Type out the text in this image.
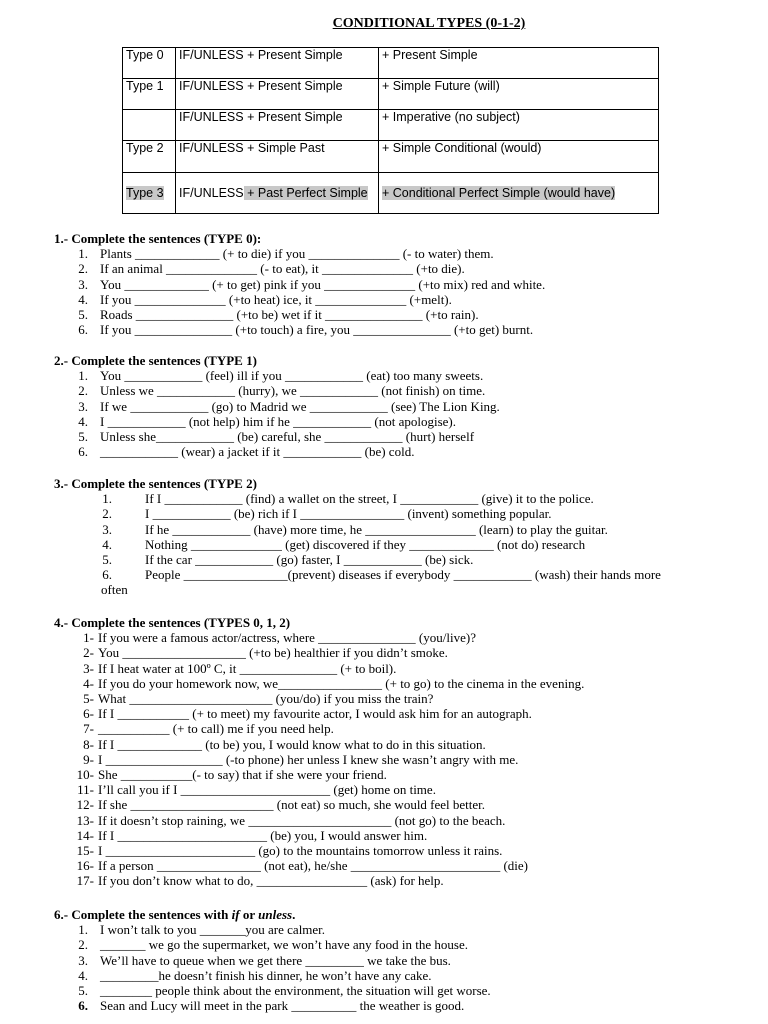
CONDITIONAL TYPES (0-1-2)
Type 0	IF/UNLESS + Present Simple	+ Present Simple
Type 1	IF/UNLESS + Present Simple	+ Simple Future (will)
	IF/UNLESS + Present Simple	+ Imperative (no subject)
Type 2	IF/UNLESS + Simple Past	+ Simple Conditional (would)
Type 3	IF/UNLESS + Past Perfect Simple	+ Conditional Perfect Simple (would have)
1.- Complete the sentences (TYPE 0):
1. Plants _____________ (+ to die) if you ______________ (- to water) them.
2. If an animal ______________ (- to eat), it ______________ (+to die).
3. You _____________ (+ to get) pink if you ______________ (+to mix) red and white.
4. If you ______________ (+to heat) ice, it ______________ (+melt).
5. Roads _______________ (+to be) wet if it _______________ (+to rain).
6. If you _______________ (+to touch) a fire, you _______________ (+to get) burnt.
2.- Complete the sentences (TYPE 1)
1. You ____________ (feel) ill if you ____________ (eat) too many sweets.
2. Unless we ____________ (hurry), we ____________ (not finish) on time.
3. If we ____________ (go) to Madrid we ____________ (see) The Lion King.
4. I ____________ (not help) him if he ____________ (not apologise).
5. Unless she____________ (be) careful, she ____________ (hurt) herself
6. ____________ (wear) a jacket if it ____________ (be) cold.
3.- Complete the sentences (TYPE 2)
1.	If I ____________ (find) a wallet on the street, I ____________ (give) it to the police.
2.	I ____________ (be) rich if I ________________ (invent) something popular.
3.	If he ____________ (have) more time, he _________________ (learn) to play the guitar.
4.	Nothing ______________ (get) discovered if they _____________ (not do) research
5.	If the car ____________ (go) faster, I ____________ (be) sick.
6.	People ________________(prevent) diseases if everybody ____________ (wash) their hands more
often
4.- Complete the sentences (TYPES 0, 1, 2)
1- If you were a famous actor/actress, where _______________ (you/live)?
2- You ___________________ (+to be) healthier if you didn’t smoke.
3- If I heat water at 100º C, it _______________ (+ to boil).
4- If you do your homework now, we________________ (+ to go) to the cinema in the evening.
5- What ______________________ (you/do) if you miss the train?
6- If I ___________ (+ to meet) my favourite actor, I would ask him for an autograph.
7- ___________ (+ to call) me if you need help.
8- If I _____________ (to be) you, I would know what to do in this situation.
9- I __________________ (-to phone) her unless I knew she wasn’t angry with me.
10- She ___________(- to say) that if she were your friend.
11- I’ll call you if I _______________________ (get) home on time.
12- If she ______________________ (not eat) so much, she would feel better.
13- If it doesn’t stop raining, we ______________________ (not go) to the beach.
14- If I _______________________ (be) you, I would answer him.
15- I _______________________ (go) to the mountains tomorrow unless it rains.
16- If a person ________________ (not eat), he/she _______________________ (die)
17- If you don’t know what to do, _________________ (ask) for help.
6.- Complete the sentences with if or unless.
1. I won’t talk to you _______you are calmer.
2. _______ we go the supermarket, we won’t have any food in the house.
3. We’ll have to queue when we get there _________ we take the bus.
4. _________he doesn’t finish his dinner, he won’t have any cake.
5. ________ people think about the environment, the situation will get worse.
6. Sean and Lucy will meet in the park __________ the weather is good.
